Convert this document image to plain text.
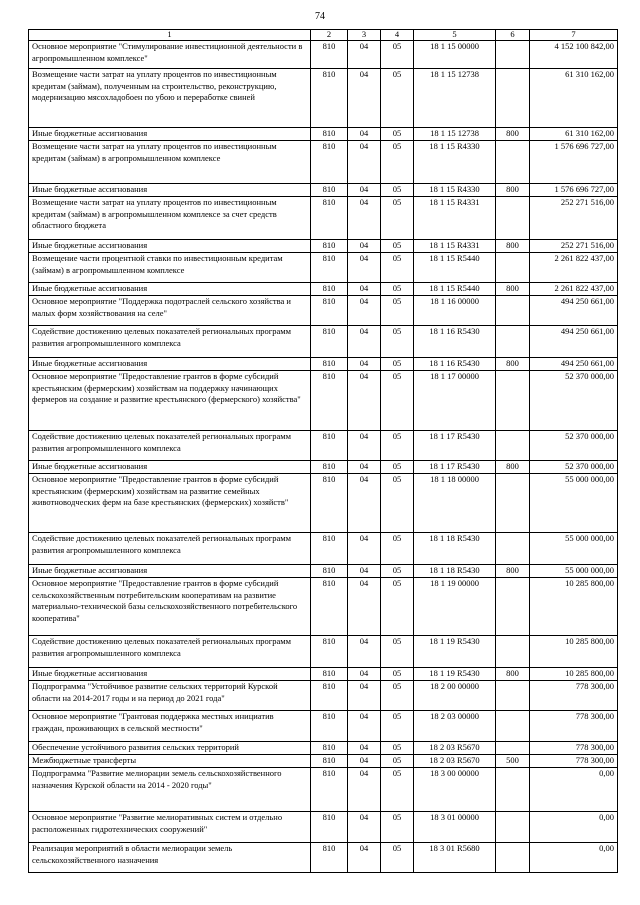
74
1	2	3	4	5	6	7
Основное мероприятие "Стимулирование инвестиционной деятельности в агропромышленном комплексе"	810	04	05	18 1 15 00000		4 152 100 842,00
Возмещение части затрат на уплату процентов по инвестиционным кредитам (займам), полученным на строительство, реконструкцию, модернизацию мясохладобоен по убою и переработке свиней	810	04	05	18 1 15 12738		61 310 162,00
Иные бюджетные ассигнования	810	04	05	18 1 15 12738	800	61 310 162,00
Возмещение части затрат на уплату процентов по инвестиционным кредитам (займам) в агропромышленном комплексе	810	04	05	18 1 15 R4330		1 576 696 727,00
Иные бюджетные ассигнования	810	04	05	18 1 15 R4330	800	1 576 696 727,00
Возмещение части затрат на уплату процентов по инвестиционным кредитам (займам) в агропромышленном комплексе за счет средств областного бюджета	810	04	05	18 1 15 R4331		252 271 516,00
Иные бюджетные ассигнования	810	04	05	18 1 15 R4331	800	252 271 516,00
Возмещение части процентной ставки по инвестиционным кредитам (займам) в агропромышленном комплексе	810	04	05	18 1 15 R5440		2 261 822 437,00
Иные бюджетные ассигнования	810	04	05	18 1 15 R5440	800	2 261 822 437,00
Основное мероприятие "Поддержка подотраслей сельского хозяйства и малых форм хозяйствования на селе"	810	04	05	18 1 16 00000		494 250 661,00
Содействие достижению целевых показателей региональных программ развития агропромышленного комплекса	810	04	05	18 1 16 R5430		494 250 661,00
Иные бюджетные ассигнования	810	04	05	18 1 16 R5430	800	494 250 661,00
Основное мероприятие "Предоставление грантов в форме субсидий крестьянским (фермерским) хозяйствам на поддержку начинающих фермеров на создание и развитие крестьянского (фермерского) хозяйства"	810	04	05	18 1 17 00000		52 370 000,00
Содействие достижению целевых показателей региональных программ развития агропромышленного комплекса	810	04	05	18 1 17 R5430		52 370 000,00
Иные бюджетные ассигнования	810	04	05	18 1 17 R5430	800	52 370 000,00
Основное мероприятие "Предоставление грантов в форме субсидий крестьянским (фермерским) хозяйствам на развитие семейных животноводческих ферм на базе крестьянских (фермерских) хозяйств"	810	04	05	18 1 18 00000		55 000 000,00
Содействие достижению целевых показателей региональных программ развития агропромышленного комплекса	810	04	05	18 1 18 R5430		55 000 000,00
Иные бюджетные ассигнования	810	04	05	18 1 18 R5430	800	55 000 000,00
Основное мероприятие "Предоставление грантов в форме субсидий сельскохозяйственным потребительским кооперативам на развитие материально-технической базы сельскохозяйственного потребительского кооператива"	810	04	05	18 1 19 00000		10 285 800,00
Содействие достижению целевых показателей региональных программ развития агропромышленного комплекса	810	04	05	18 1 19 R5430		10 285 800,00
Иные бюджетные ассигнования	810	04	05	18 1 19 R5430	800	10 285 800,00
Подпрограмма "Устойчивое развитие сельских территорий Курской области на 2014-2017 годы и на период до 2021 года"	810	04	05	18 2 00 00000		778 300,00
Основное мероприятие "Грантовая поддержка местных инициатив граждан, проживающих в сельской местности"	810	04	05	18 2 03 00000		778 300,00
Обеспечение устойчивого развития сельских территорий	810	04	05	18 2 03 R5670		778 300,00
Межбюджетные трансферты	810	04	05	18 2 03 R5670	500	778 300,00
Подпрограмма "Развитие мелиорации земель сельскохозяйственного назначения Курской области на 2014 - 2020 годы"	810	04	05	18 3 00 00000		0,00
Основное мероприятие "Развитие мелиоративных систем и отдельно расположенных гидротехнических сооружений"	810	04	05	18 3 01 00000		0,00
Реализация мероприятий в области мелиорации земель сельскохозяйственного назначения	810	04	05	18 3 01 R5680		0,00
